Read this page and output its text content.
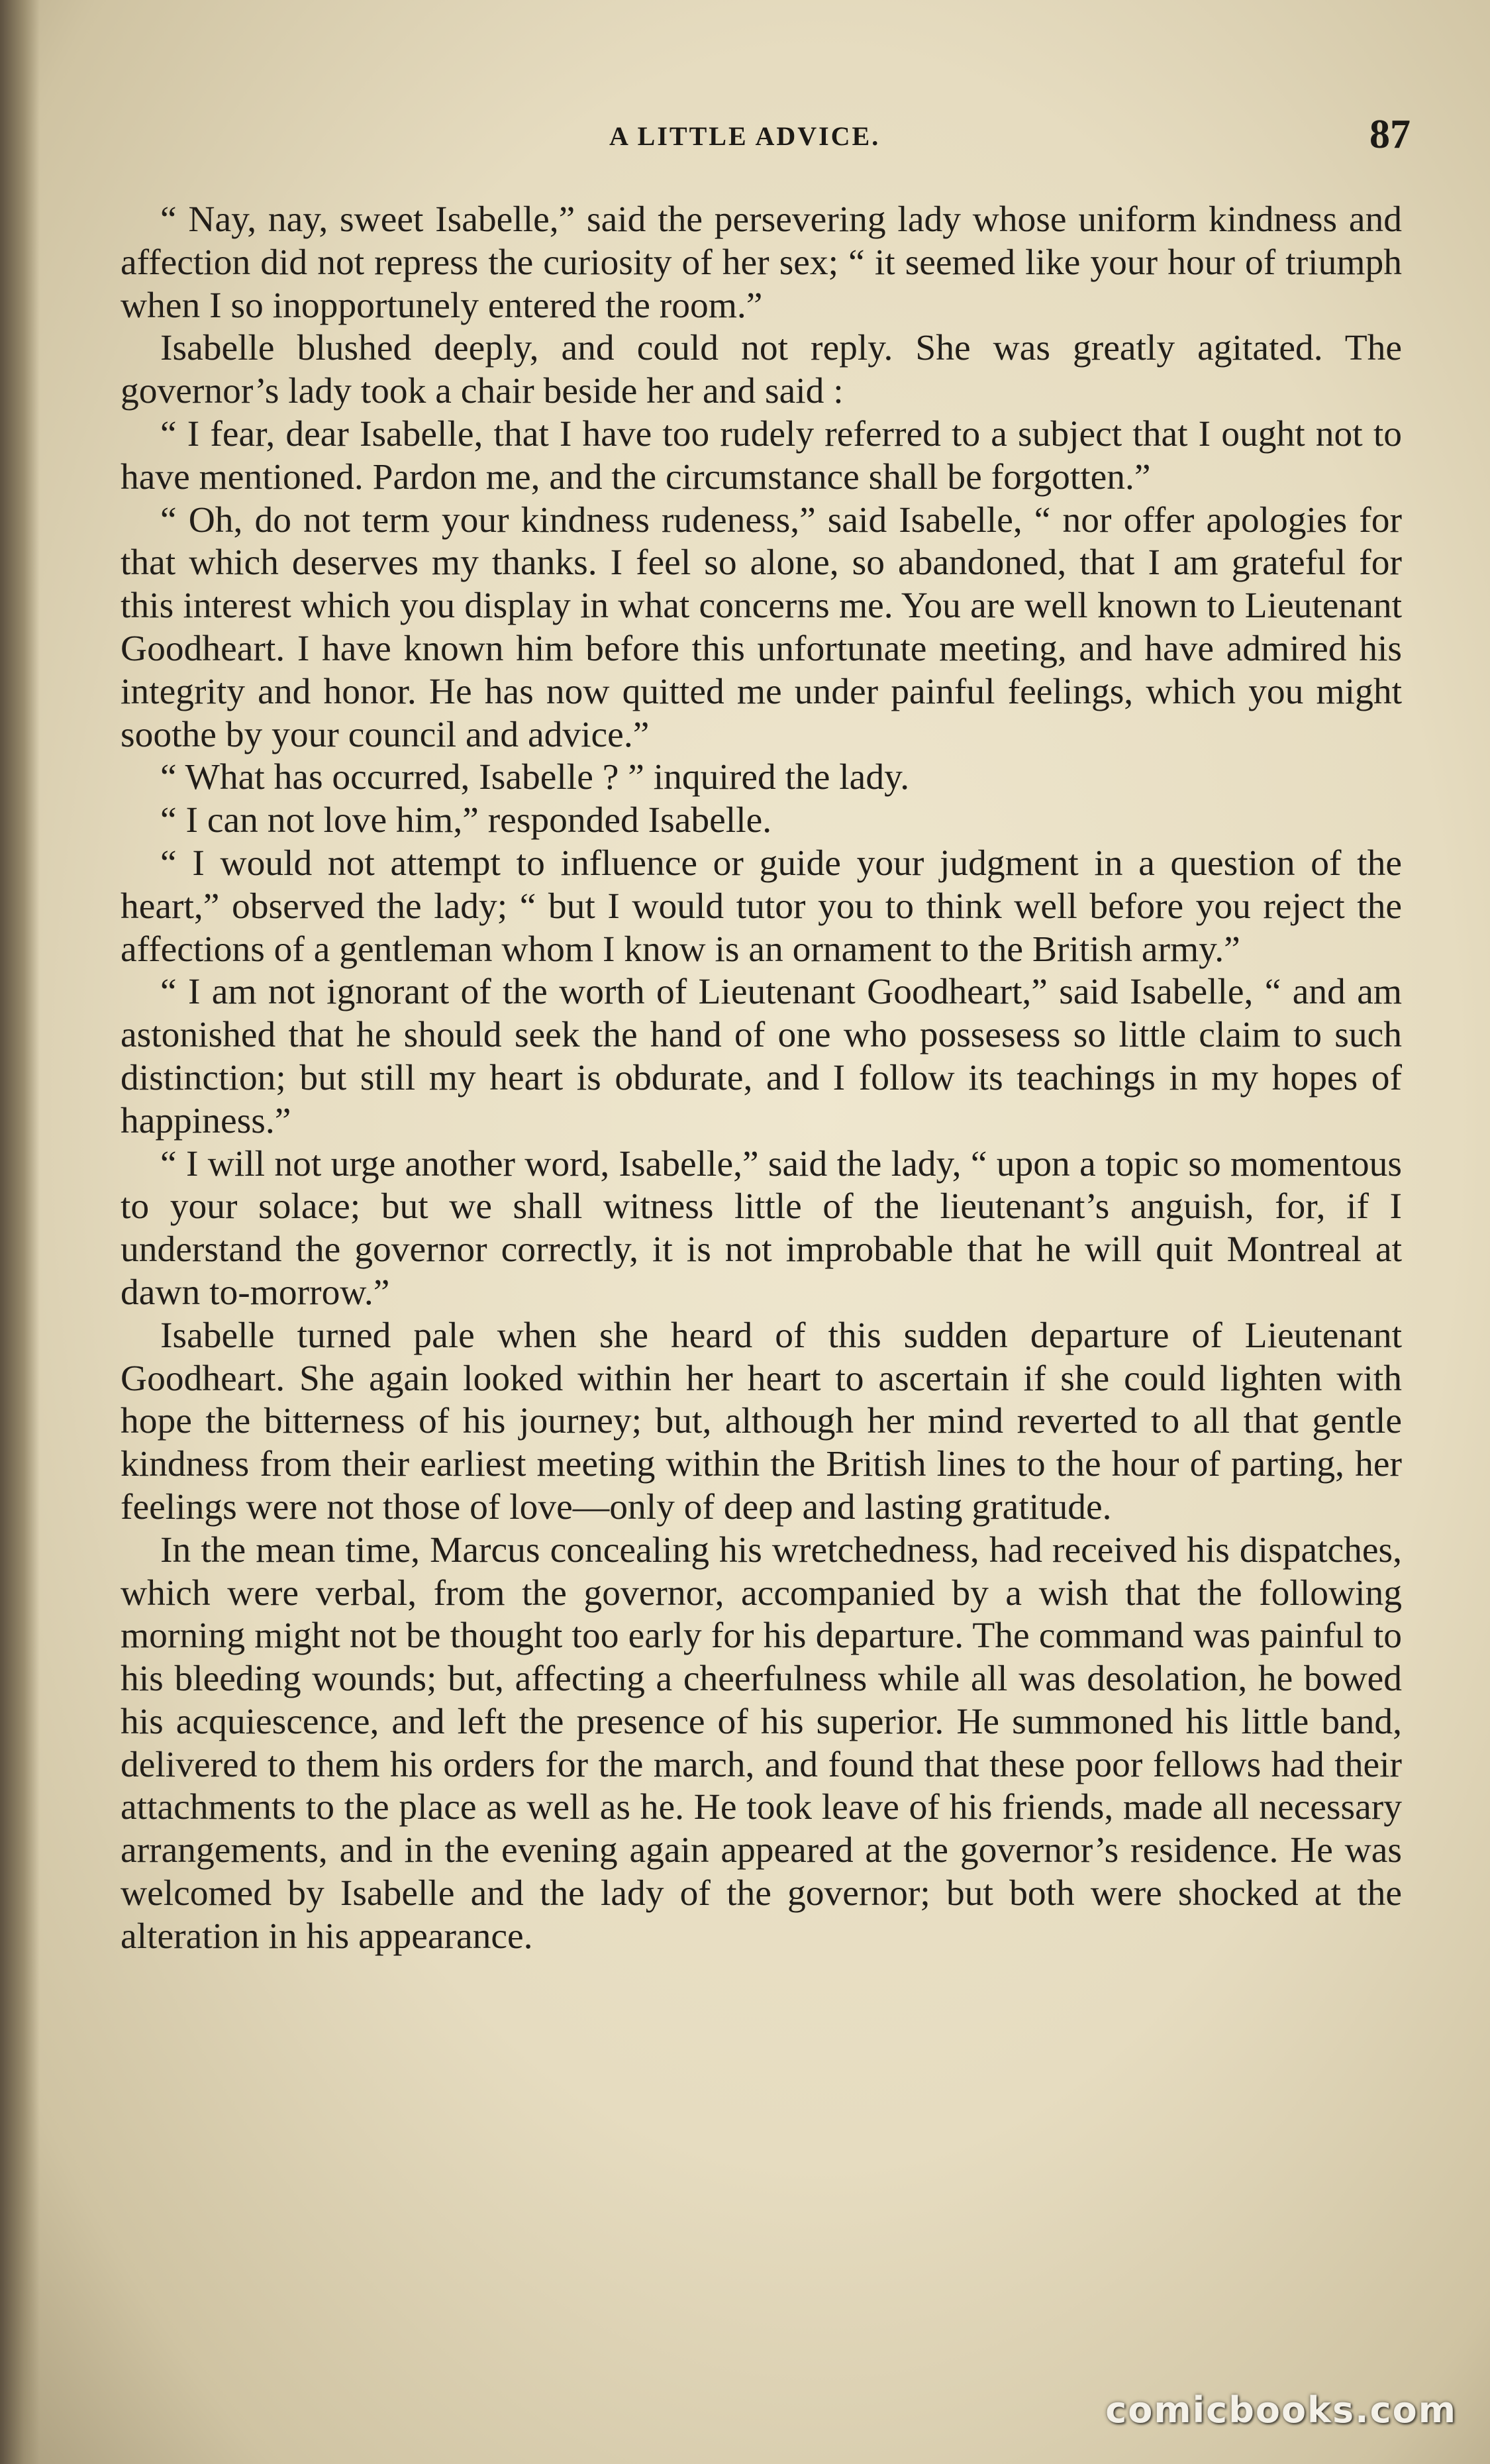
A LITTLE ADVICE.	87

“ Nay, nay, sweet Isabelle,” said the persevering lady whose uniform kindness and affection did not repress the curiosity of her sex; “ it seemed like your hour of triumph when I so inopportunely entered the room.”

Isabelle blushed deeply, and could not reply. She was greatly agitated. The governor’s lady took a chair beside her and said :

“ I fear, dear Isabelle, that I have too rudely referred to a subject that I ought not to have mentioned. Pardon me, and the circumstance shall be forgotten.”

“ Oh, do not term your kindness rudeness,” said Isabelle, “ nor offer apologies for that which deserves my thanks. I feel so alone, so abandoned, that I am grateful for this interest which you display in what concerns me. You are well known to Lieutenant Goodheart. I have known him before this unfortunate meeting, and have admired his integrity and honor. He has now quitted me under painful feelings, which you might soothe by your council and advice.”

“ What has occurred, Isabelle ? ” inquired the lady.

“ I can not love him,” responded Isabelle.

“ I would not attempt to influence or guide your judgment in a question of the heart,” observed the lady; “ but I would tutor you to think well before you reject the affections of a gentleman whom I know is an ornament to the British army.”

“ I am not ignorant of the worth of Lieutenant Goodheart,” said Isabelle, “ and am astonished that he should seek the hand of one who possesess so little claim to such distinction; but still my heart is obdurate, and I follow its teachings in my hopes of happiness.”

“ I will not urge another word, Isabelle,” said the lady, “ upon a topic so momentous to your solace; but we shall witness little of the lieutenant’s anguish, for, if I understand the governor correctly, it is not improbable that he will quit Montreal at dawn to-morrow.”

Isabelle turned pale when she heard of this sudden departure of Lieutenant Goodheart. She again looked within her heart to ascertain if she could lighten with hope the bitterness of his journey; but, although her mind reverted to all that gentle kindness from their earliest meeting within the British lines to the hour of parting, her feelings were not those of love—only of deep and lasting gratitude.

In the mean time, Marcus concealing his wretchedness, had received his dispatches, which were verbal, from the governor, accompanied by a wish that the following morning might not be thought too early for his departure. The command was painful to his bleeding wounds; but, affecting a cheerfulness while all was desolation, he bowed his acquiescence, and left the presence of his superior. He summoned his little band, delivered to them his orders for the march, and found that these poor fellows had their attachments to the place as well as he. He took leave of his friends, made all necessary arrangements, and in the evening again appeared at the governor’s residence. He was welcomed by Isabelle and the lady of the governor; but both were shocked at the alteration in his appearance.

comicbooks.com
